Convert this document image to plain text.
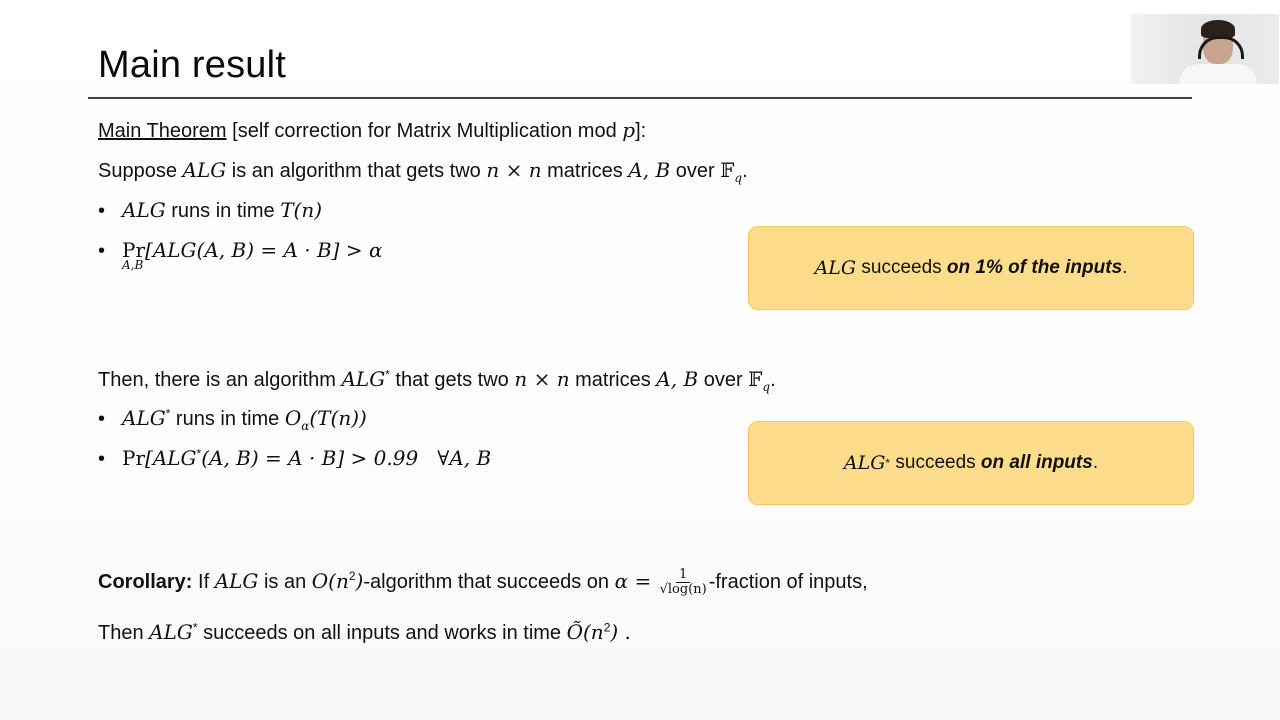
Main result
Main Theorem [self correction for Matrix Multiplication mod p]:
Suppose ALG is an algorithm that gets two n × n matrices A, B over 𝔽$_q$.
• ALG runs in time T(n)
• Pr
A,B
[ALG(A, B) = A · B] > α
ALG succeeds on 1% of the inputs .
Then, there is an algorithm ALG* that gets two n × n matrices A, B over 𝔽$_q$.
• ALG* runs in time $O_\alpha(T(n))$
• Pr[ALG*(A, B) = A · B] > 0.99   ∀A, B	ALG * succeeds on all inputs .
Corollary: If ALG is an $O(n^2)$-algorithm that succeeds on $\alpha = \frac{1}{√\log(n)}$ -fraction of inputs,
Then ALG* succeeds on all inputs and works in time $Õ(n^2)$ .
